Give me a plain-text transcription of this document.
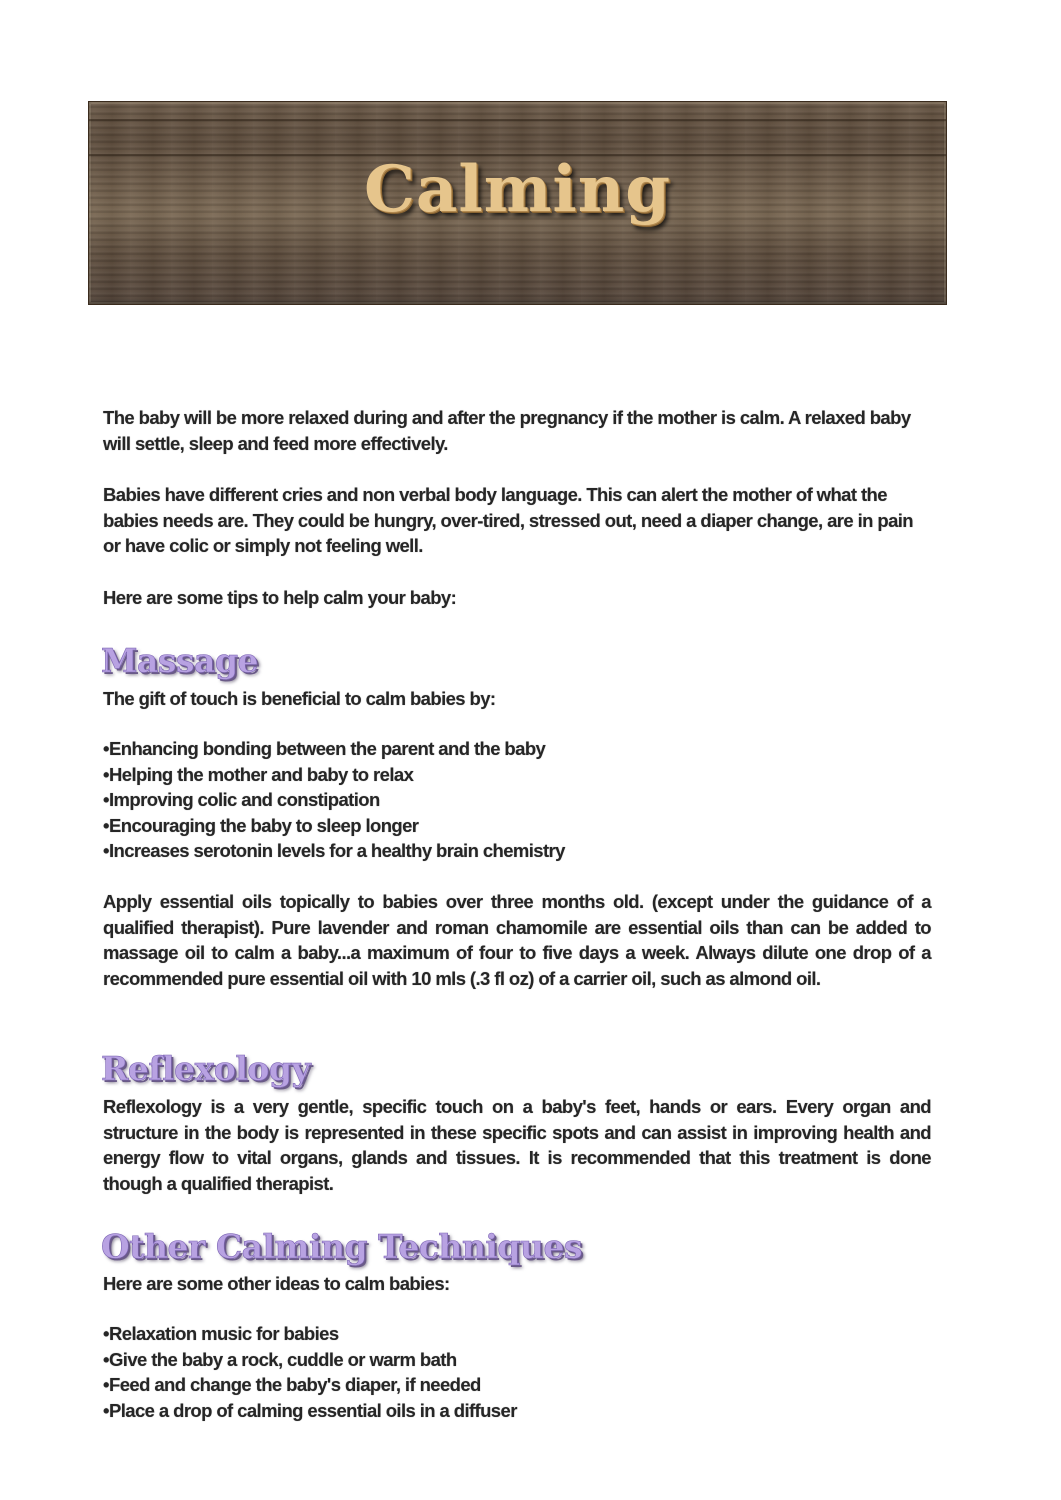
Calming

The baby will be more relaxed during and after the pregnancy if the mother is calm. A relaxed baby will settle, sleep and feed more effectively.

Babies have different cries and non verbal body language. This can alert the mother of what the babies needs are. They could be hungry, over-tired, stressed out, need a diaper change, are in pain or have colic or simply not feeling well.

Here are some tips to help calm your baby:

Massage

The gift of touch is beneficial to calm babies by:

•Enhancing bonding between the parent and the baby
•Helping the mother and baby to relax
•Improving colic and constipation
•Encouraging the baby to sleep longer
•Increases serotonin levels for a healthy brain chemistry

Apply essential oils topically to babies over three months old. (except under the guidance of a qualified therapist). Pure lavender and roman chamomile are essential oils than can be added to massage oil to calm a baby...a maximum of four to five days a week. Always dilute one drop of a recommended pure essential oil with 10 mls (.3 fl oz) of a carrier oil, such as almond oil.

Reflexology

Reflexology is a very gentle, specific touch on a baby's feet, hands or ears. Every organ and structure in the body is represented in these specific spots and can assist in improving health and energy flow to vital organs, glands and tissues. It is recommended that this treatment is done though a qualified therapist.

Other Calming Techniques

Here are some other ideas to calm babies:

•Relaxation music for babies
•Give the baby a rock, cuddle or warm bath
•Feed and change the baby's diaper, if needed
•Place a drop of calming essential oils in a diffuser
